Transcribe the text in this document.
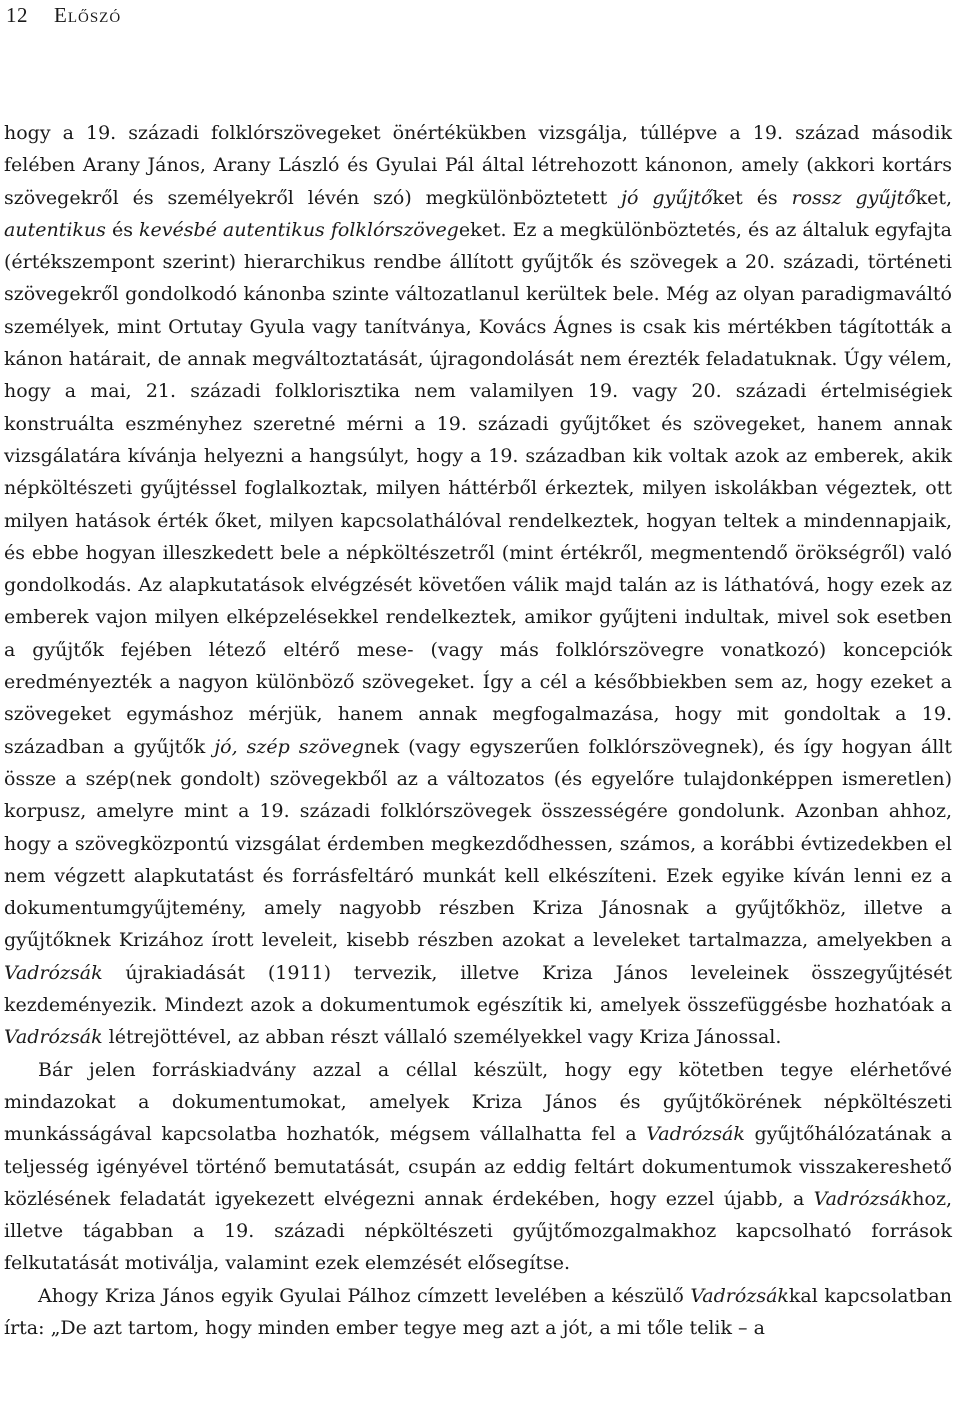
12 Előszó

hogy a 19. századi folklórszövegeket önértékükben vizsgálja, túllépve a 19. század második felében Arany János, Arany László és Gyulai Pál által létrehozott kánonon, amely (akkori kortárs szövegekről és személyekről lévén szó) megkülönböztetett jó gyűjtőket és rossz gyűjtőket, autentikus és kevésbé autentikus folklórszövegeket. Ez a megkülönböztetés, és az általuk egyfajta (értékszempont szerint) hierarchikus rendbe állított gyűjtők és szövegek a 20. századi, történeti szövegekről gondolkodó kánonba szinte változatlanul kerültek bele. Még az olyan paradigmaváltó személyek, mint Ortutay Gyula vagy tanítványa, Kovács Ágnes is csak kis mértékben tágították a kánon határait, de annak megváltoztatását, újragondolását nem érezték feladatuknak. Úgy vélem, hogy a mai, 21. századi folklorisztika nem valamilyen 19. vagy 20. századi értelmiségiek konstruálta eszményhez szeretné mérni a 19. századi gyűjtőket és szövegeket, hanem annak vizsgálatára kívánja helyezni a hangsúlyt, hogy a 19. században kik voltak azok az emberek, akik népköltészeti gyűjtéssel foglalkoztak, milyen háttérből érkeztek, milyen iskolákban végeztek, ott milyen hatások érték őket, milyen kapcsolathálóval rendelkeztek, hogyan teltek a mindennapjaik, és ebbe hogyan illeszkedett bele a népköltészetről (mint értékről, megmentendő örökségről) való gondolkodás. Az alapkutatások elvégzését követően válik majd talán az is láthatóvá, hogy ezek az emberek vajon milyen elképzelésekkel rendelkeztek, amikor gyűjteni indultak, mivel sok esetben a gyűjtők fejében létező eltérő mese- (vagy más folklórszövegre vonatkozó) koncepciók eredményezték a nagyon különböző szövegeket. Így a cél a későbbiekben sem az, hogy ezeket a szövegeket egymáshoz mérjük, hanem annak megfogalmazása, hogy mit gondoltak a 19. században a gyűjtők jó, szép szövegnek (vagy egyszerűen folklórszövegnek), és így hogyan állt össze a szép(nek gondolt) szövegekből az a változatos (és egyelőre tulajdonképpen ismeretlen) korpusz, amelyre mint a 19. századi folklórszövegek összességére gondolunk. Azonban ahhoz, hogy a szövegközpontú vizsgálat érdemben megkezdődhessen, számos, a korábbi évtizedekben el nem végzett alapkutatást és forrásfeltáró munkát kell elkészíteni. Ezek egyike kíván lenni ez a dokumentumgyűjtemény, amely nagyobb részben Kriza Jánosnak a gyűjtőkhöz, illetve a gyűjtőknek Krizához írott leveleit, kisebb részben azokat a leveleket tartalmazza, amelyekben a Vadrózsák újrakiadását (1911) tervezik, illetve Kriza János leveleinek összegyűjtését kezdeményezik. Mindezt azok a dokumentumok egészítik ki, amelyek összefüggésbe hozhatóak a Vadrózsák létrejöttével, az abban részt vállaló személyekkel vagy Kriza Jánossal.

Bár jelen forráskiadvány azzal a céllal készült, hogy egy kötetben tegye elérhetővé mindazokat a dokumentumokat, amelyek Kriza János és gyűjtőkörének népköltészeti munkásságával kapcsolatba hozhatók, mégsem vállalhatta fel a Vadrózsák gyűjtőhálózatának a teljesség igényével történő bemutatását, csupán az eddig feltárt dokumentumok visszakereshető közlésének feladatát igyekezett elvégezni annak érdekében, hogy ezzel újabb, a Vadrózsákhoz, illetve tágabban a 19. századi népköltészeti gyűjtőmozgalmakhoz kapcsolható források felkutatását motiválja, valamint ezek elemzését elősegítse.

Ahogy Kriza János egyik Gyulai Pálhoz címzett levelében a készülő Vadrózsákkal kapcsolatban írta: „De azt tartom, hogy minden ember tegye meg azt a jót, a mi tőle telik – a
